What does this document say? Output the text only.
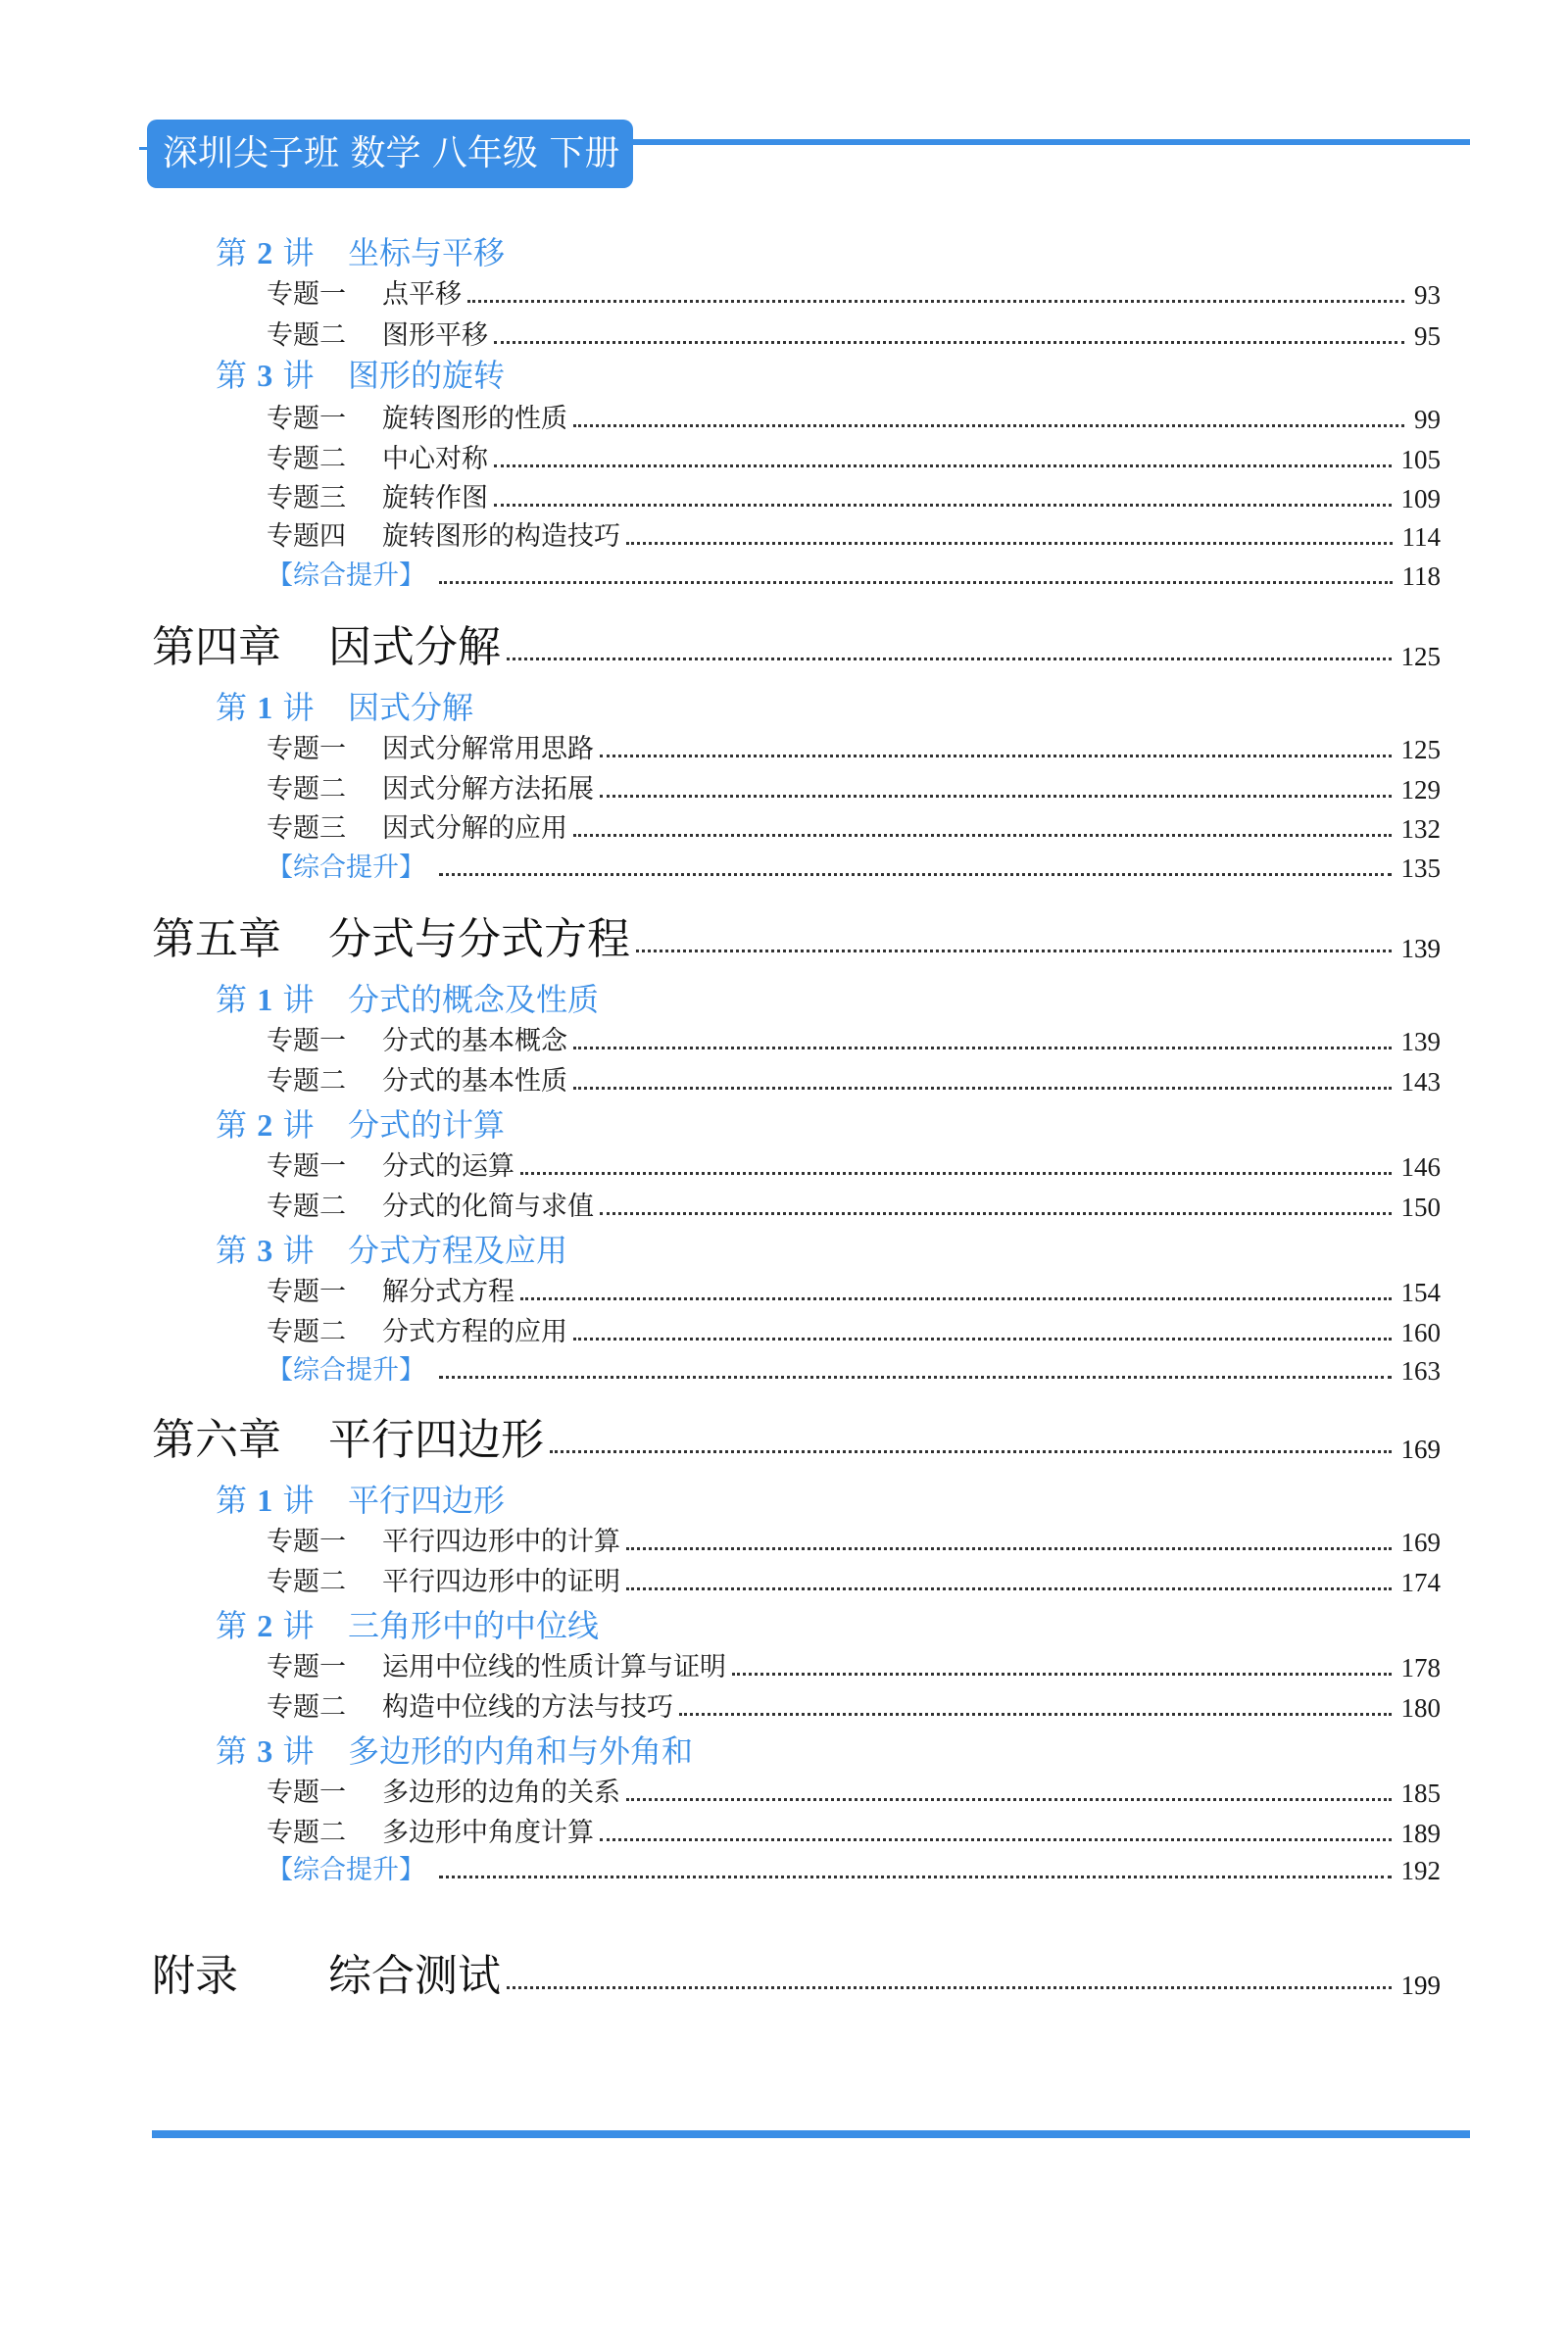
深圳尖子班 数学 八年级 下册
第 2 讲 坐标与平移
专题一	点平移	93
专题二	图形平移	95
第 3 讲 图形的旋转
专题一	旋转图形的性质	99
专题二	中心对称	105
专题三	旋转作图	109
专题四	旋转图形的构造技巧	114
【综合提升】	118
第四章	因式分解	125
第 1 讲 因式分解
专题一	因式分解常用思路	125
专题二	因式分解方法拓展	129
专题三	因式分解的应用	132
【综合提升】	135
第五章	分式与分式方程	139
第 1 讲 分式的概念及性质
专题一	分式的基本概念	139
专题二	分式的基本性质	143
第 2 讲 分式的计算
专题一	分式的运算	146
专题二	分式的化简与求值	150
第 3 讲 分式方程及应用
专题一	解分式方程	154
专题二	分式方程的应用	160
【综合提升】	163
第六章	平行四边形	169
第 1 讲 平行四边形
专题一	平行四边形中的计算	169
专题二	平行四边形中的证明	174
第 2 讲 三角形中的中位线
专题一	运用中位线的性质计算与证明	178
专题二	构造中位线的方法与技巧	180
第 3 讲 多边形的内角和与外角和
专题一	多边形的边角的关系	185
专题二	多边形中角度计算	189
【综合提升】	192
附录	综合测试	199
